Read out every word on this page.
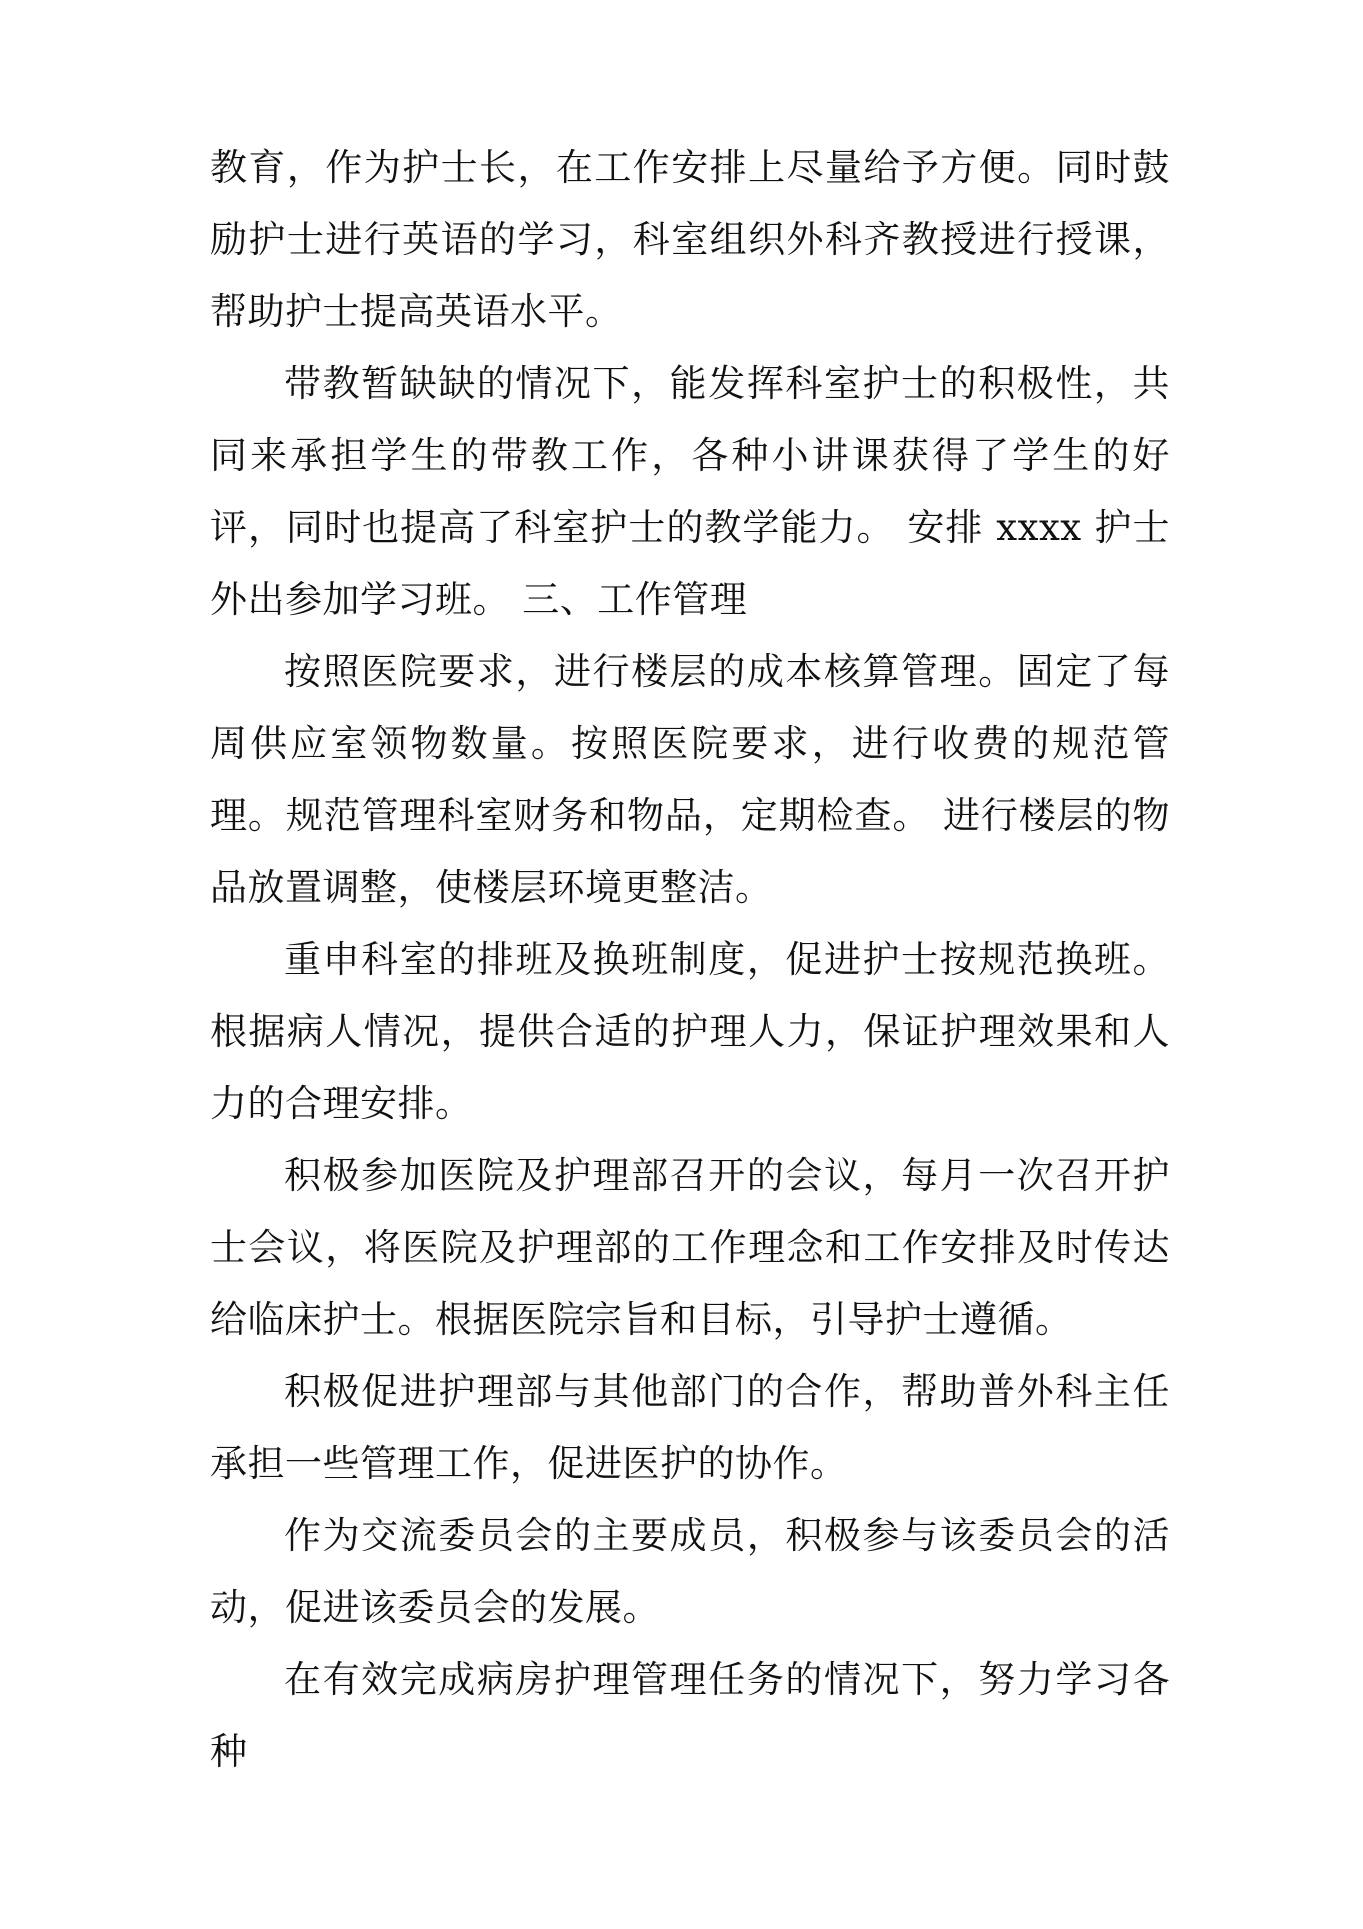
教育，作为护士长，在工作安排上尽量给予方便。同时鼓励护士进行英语的学习，科室组织外科齐教授进行授课，帮助护士提高英语水平。

带教暂缺缺的情况下，能发挥科室护士的积极性，共同来承担学生的带教工作，各种小讲课获得了学生的好评，同时也提高了科室护士的教学能力。 安排 xxxx 护士外出参加学习班。 三、工作管理

按照医院要求，进行楼层的成本核算管理。固定了每周供应室领物数量。按照医院要求，进行收费的规范管理。规范管理科室财务和物品，定期检查。 进行楼层的物品放置调整，使楼层环境更整洁。

重申科室的排班及换班制度，促进护士按规范换班。根据病人情况，提供合适的护理人力，保证护理效果和人力的合理安排。

积极参加医院及护理部召开的会议，每月一次召开护士会议，将医院及护理部的工作理念和工作安排及时传达给临床护士。根据医院宗旨和目标，引导护士遵循。

积极促进护理部与其他部门的合作，帮助普外科主任承担一些管理工作，促进医护的协作。

作为交流委员会的主要成员，积极参与该委员会的活动，促进该委员会的发展。

在有效完成病房护理管理任务的情况下，努力学习各种
